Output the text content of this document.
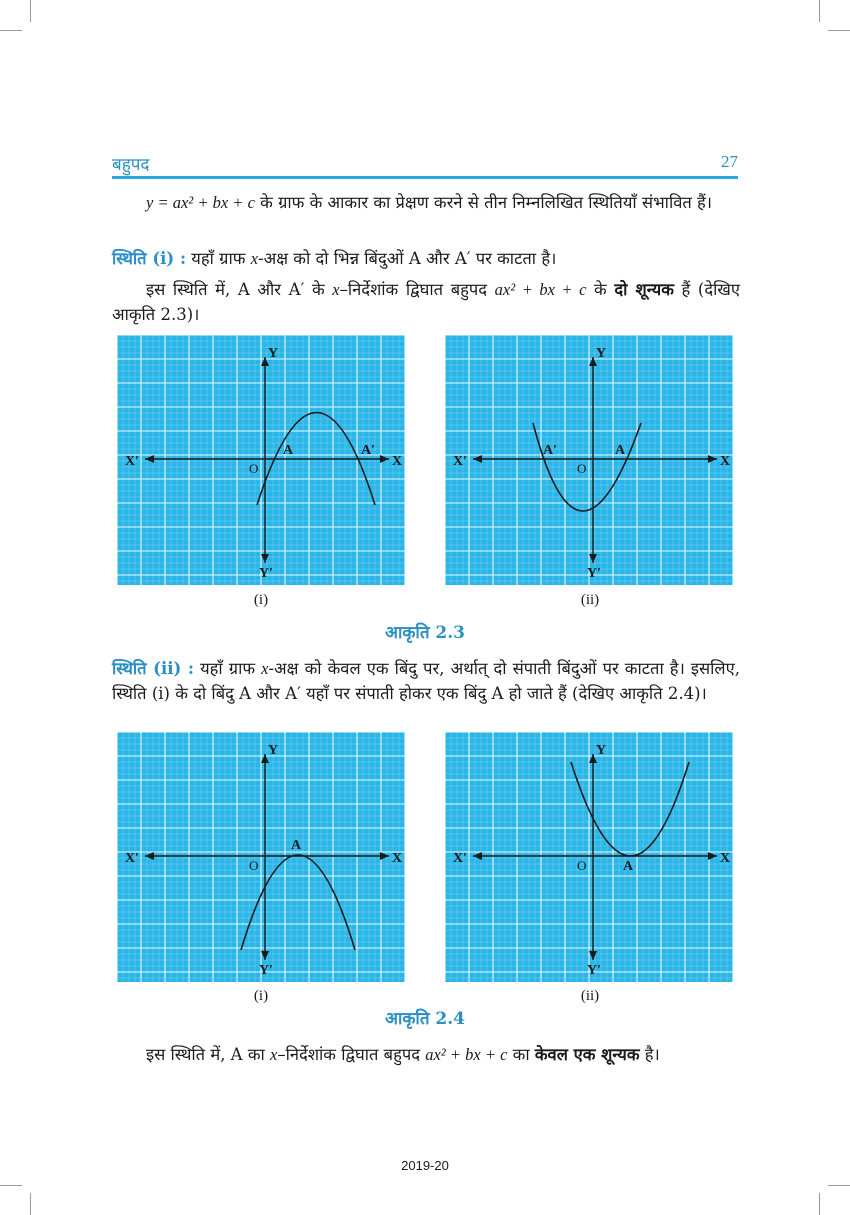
बहुपद	27
y = ax² + bx + c के ग्राफ के आकार का प्रेक्षण करने से तीन निम्नलिखित स्थितियाँ संभावित हैं।
स्थिति (i) : यहाँ ग्राफ x-अक्ष को दो भिन्न बिंदुओं A और A′ पर काटता है।
इस स्थिति में, A और A′ के x–निर्देशांक द्विघात बहुपद ax² + bx + c के दो शून्यक हैं (देखिए आकृति 2.3)।
X
X′
Y
Y′
O
A	A′
X
X′
Y
Y′
O
A′	A
(i)	(ii)
आकृति 2.3
स्थिति (ii) : यहाँ ग्राफ x-अक्ष को केवल एक बिंदु पर, अर्थात् दो संपाती बिंदुओं पर काटता है। इसलिए, स्थिति (i) के दो बिंदु A और A′ यहाँ पर संपाती होकर एक बिंदु A हो जाते हैं (देखिए आकृति 2.4)।
X
X′
Y
Y′
O
A
X
X′
Y
Y′
O	A
(i)	(ii)
आकृति 2.4
इस स्थिति में, A का x–निर्देशांक द्विघात बहुपद ax² + bx + c का केवल एक शून्यक है।
2019-20
